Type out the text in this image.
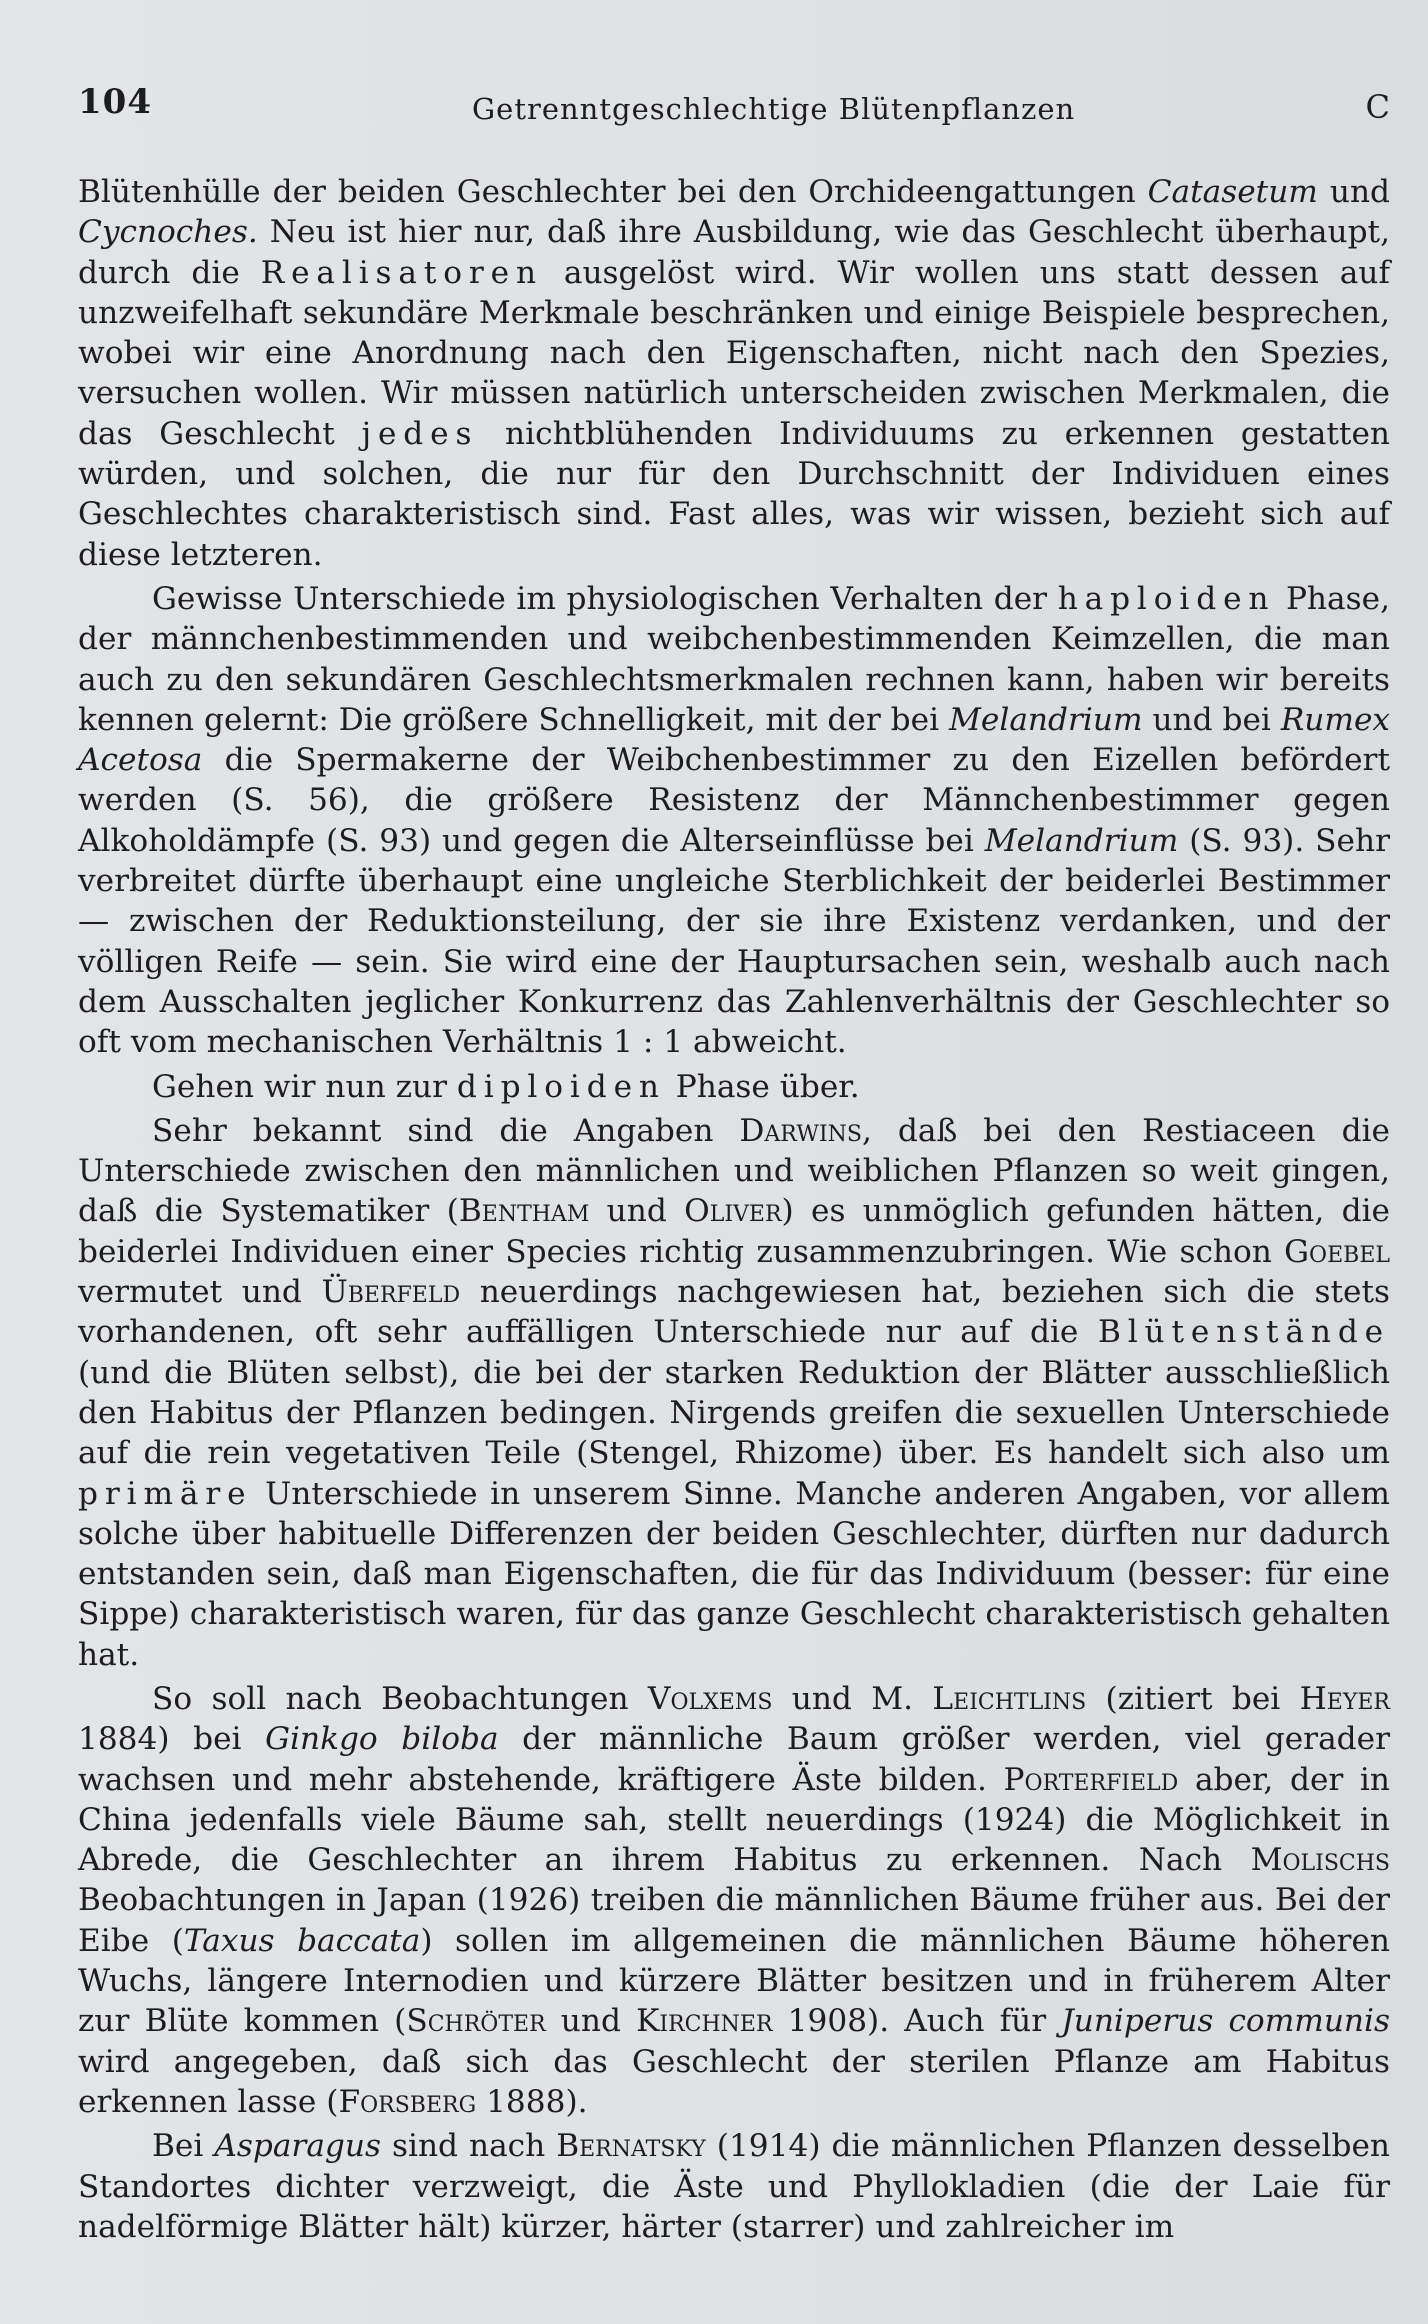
104	Getrenntgeschlechtige Blütenpflanzen	C

Blütenhülle der beiden Geschlechter bei den Orchideengattungen Catasetum und Cycnoches. Neu ist hier nur, daß ihre Ausbildung, wie das Geschlecht überhaupt, durch die Realisatoren ausgelöst wird. Wir wollen uns statt dessen auf unzweifelhaft sekundäre Merkmale beschränken und einige Beispiele besprechen, wobei wir eine Anordnung nach den Eigenschaften, nicht nach den Spezies, versuchen wollen. Wir müssen natürlich unterscheiden zwischen Merkmalen, die das Geschlecht jedes nichtblühenden Individuums zu erkennen gestatten würden, und solchen, die nur für den Durchschnitt der Individuen eines Geschlechtes charakteristisch sind. Fast alles, was wir wissen, bezieht sich auf diese letzteren.

Gewisse Unterschiede im physiologischen Verhalten der haploiden Phase, der männchenbestimmenden und weibchenbestimmenden Keimzellen, die man auch zu den sekundären Geschlechtsmerkmalen rechnen kann, haben wir bereits kennen gelernt: Die größere Schnelligkeit, mit der bei Melandrium und bei Rumex Acetosa die Spermakerne der Weibchenbestimmer zu den Eizellen befördert werden (S. 56), die größere Resistenz der Männchenbestimmer gegen Alkoholdämpfe (S. 93) und gegen die Alterseinflüsse bei Melandrium (S. 93). Sehr verbreitet dürfte überhaupt eine ungleiche Sterblichkeit der beiderlei Bestimmer — zwischen der Reduktionsteilung, der sie ihre Existenz verdanken, und der völligen Reife — sein. Sie wird eine der Hauptursachen sein, weshalb auch nach dem Ausschalten jeglicher Konkurrenz das Zahlenverhältnis der Geschlechter so oft vom mechanischen Verhältnis 1 : 1 abweicht.

Gehen wir nun zur diploiden Phase über.

Sehr bekannt sind die Angaben Darwins, daß bei den Restiaceen die Unterschiede zwischen den männlichen und weiblichen Pflanzen so weit gingen, daß die Systematiker (Bentham und Oliver) es unmöglich gefunden hätten, die beiderlei Individuen einer Species richtig zusammenzubringen. Wie schon Goebel vermutet und Überfeld neuerdings nachgewiesen hat, beziehen sich die stets vorhandenen, oft sehr auffälligen Unterschiede nur auf die Blütenstände (und die Blüten selbst), die bei der starken Reduktion der Blätter ausschließlich den Habitus der Pflanzen bedingen. Nirgends greifen die sexuellen Unterschiede auf die rein vegetativen Teile (Stengel, Rhizome) über. Es handelt sich also um primäre Unterschiede in unserem Sinne. Manche anderen Angaben, vor allem solche über habituelle Differenzen der beiden Geschlechter, dürften nur dadurch entstanden sein, daß man Eigenschaften, die für das Individuum (besser: für eine Sippe) charakteristisch waren, für das ganze Geschlecht charakteristisch gehalten hat.

So soll nach Beobachtungen Volxems und M. Leichtlins (zitiert bei Heyer 1884) bei Ginkgo biloba der männliche Baum größer werden, viel gerader wachsen und mehr abstehende, kräftigere Äste bilden. Porterfield aber, der in China jedenfalls viele Bäume sah, stellt neuerdings (1924) die Möglichkeit in Abrede, die Geschlechter an ihrem Habitus zu erkennen. Nach Molischs Beobachtungen in Japan (1926) treiben die männlichen Bäume früher aus. Bei der Eibe (Taxus baccata) sollen im allgemeinen die männlichen Bäume höheren Wuchs, längere Internodien und kürzere Blätter besitzen und in früherem Alter zur Blüte kommen (Schröter und Kirchner 1908). Auch für Juniperus communis wird angegeben, daß sich das Geschlecht der sterilen Pflanze am Habitus erkennen lasse (Forsberg 1888).

Bei Asparagus sind nach Bernatsky (1914) die männlichen Pflanzen desselben Standortes dichter verzweigt, die Äste und Phyllokladien (die der Laie für nadelförmige Blätter hält) kürzer, härter (starrer) und zahlreicher im
